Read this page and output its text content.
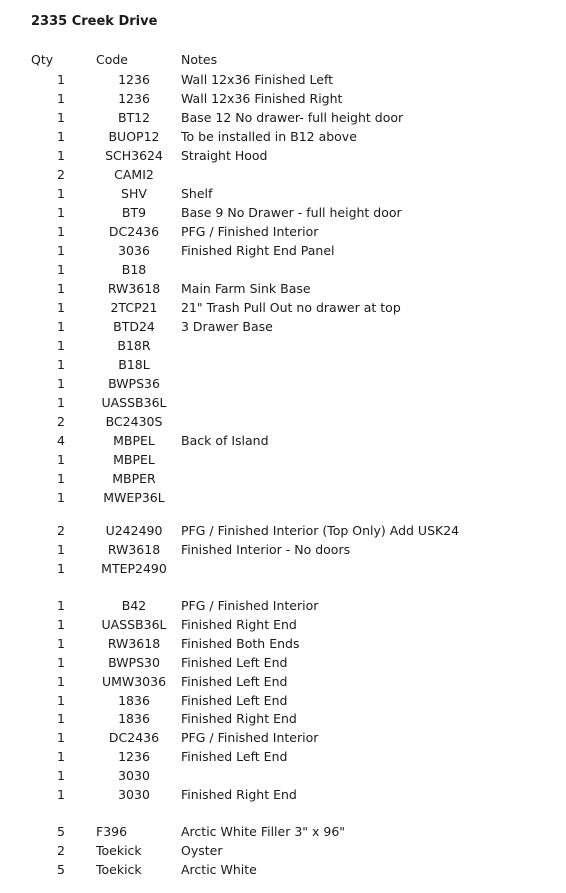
2335 Creek Drive
Qty	Code	Notes
1	1236	Wall 12x36 Finished Left
1	1236	Wall 12x36 Finished Right
1	BT12	Base 12 No drawer- full height door
1	BUOP12	To be installed in B12 above
1	SCH3624	Straight Hood
2	CAMI2
1	SHV	Shelf
1	BT9	Base 9 No Drawer - full height door
1	DC2436	PFG / Finished Interior
1	3036	Finished Right End Panel
1	B18
1	RW3618	Main Farm Sink Base
1	2TCP21	21" Trash Pull Out no drawer at top
1	BTD24	3 Drawer Base
1	B18R
1	B18L
1	BWPS36
1	UASSB36L
2	BC2430S
4	MBPEL	Back of Island
1	MBPEL
1	MBPER
1	MWEP36L
2	U242490	PFG / Finished Interior (Top Only) Add USK24
1	RW3618	Finished Interior - No doors
1	MTEP2490
1	B42	PFG / Finished Interior
1	UASSB36L	Finished Right End
1	RW3618	Finished Both Ends
1	BWPS30	Finished Left End
1	UMW3036	Finished Left End
1	1836	Finished Left End
1	1836	Finished Right End
1	DC2436	PFG / Finished Interior
1	1236	Finished Left End
1	3030
1	3030	Finished Right End
5 F396	Arctic White Filler 3" x 96"
2 Toekick	Oyster
5 Toekick	Arctic White
